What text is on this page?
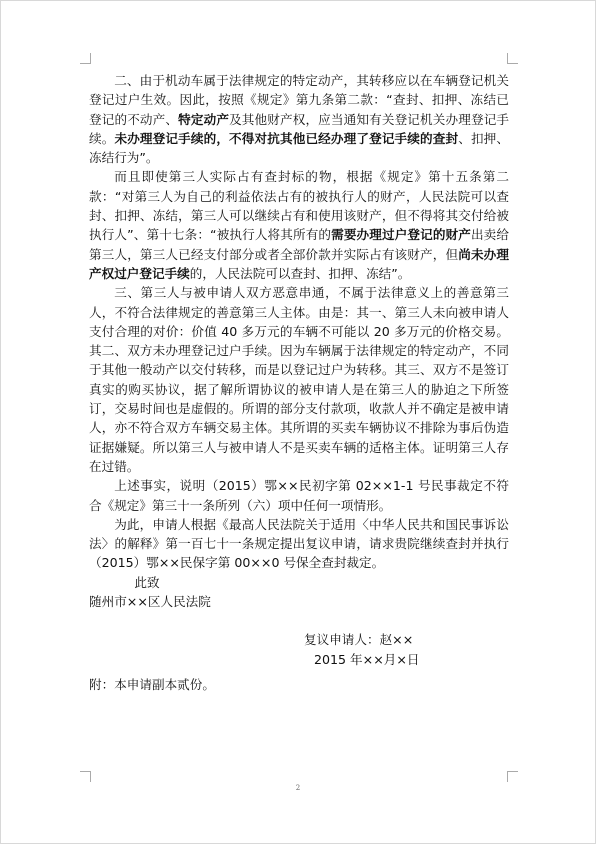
二、由于机动车属于法律规定的特定动产，其转移应以在车辆登记机关登记过户生效。因此，按照《规定》第九条第二款：“查封、扣押、冻结已登记的不动产、特定动产及其他财产权，应当通知有关登记机关办理登记手续。未办理登记手续的，不得对抗其他已经办理了登记手续的查封、扣押、冻结行为”。

而且即使第三人实际占有查封标的物，根据《规定》第十五条第二款：“对第三人为自己的利益依法占有的被执行人的财产，人民法院可以查封、扣押、冻结，第三人可以继续占有和使用该财产，但不得将其交付给被执行人”、第十七条：“被执行人将其所有的需要办理过户登记的财产出卖给第三人，第三人已经支付部分或者全部价款并实际占有该财产，但尚未办理产权过户登记手续的，人民法院可以查封、扣押、冻结”。

三、第三人与被申请人双方恶意串通，不属于法律意义上的善意第三人，不符合法律规定的善意第三人主体。由是：其一、第三人未向被申请人支付合理的对价：价值 40 多万元的车辆不可能以 20 多万元的价格交易。其二、双方未办理登记过户手续。因为车辆属于法律规定的特定动产，不同于其他一般动产以交付转移，而是以登记过户为转移。其三、双方不是签订真实的购买协议，据了解所谓协议的被申请人是在第三人的胁迫之下所签订，交易时间也是虚假的。所谓的部分支付款项，收款人并不确定是被申请人，亦不符合双方车辆交易主体。其所谓的买卖车辆协议不排除为事后伪造证据嫌疑。所以第三人与被申请人不是买卖车辆的适格主体。证明第三人存在过错。

上述事实，说明（2015）鄂××民初字第 02××1-1 号民事裁定不符合《规定》第三十一条所列（六）项中任何一项情形。

为此，申请人根据《最高人民法院关于适用〈中华人民共和国民事诉讼法〉的解释》第一百七十一条规定提出复议申请，请求贵院继续查封并执行（2015）鄂××民保字第 00××0 号保全查封裁定。

此致

随州市××区人民法院

复议申请人：赵××

2015 年××月×日

附：本申请副本贰份。

2
